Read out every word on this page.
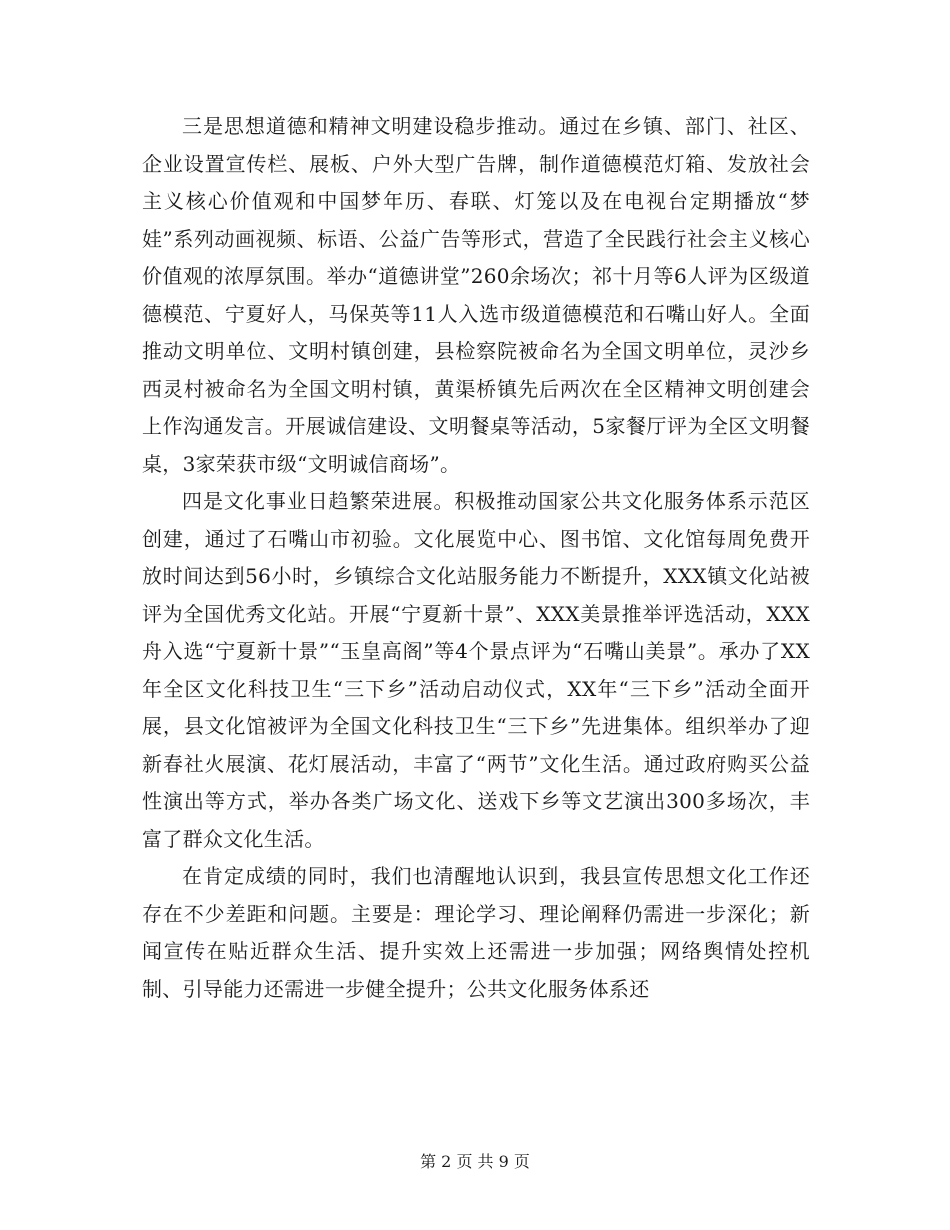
三是思想道德和精神文明建设稳步推动。通过在乡镇、部门、社区、企业设置宣传栏、展板、户外大型广告牌，制作道德模范灯箱、发放社会主义核心价值观和中国梦年历、春联、灯笼以及在电视台定期播放“梦娃”系列动画视频、标语、公益广告等形式，营造了全民践行社会主义核心价值观的浓厚氛围。举办“道德讲堂”260余场次；祁十月等6人评为区级道德模范、宁夏好人，马保英等11人入选市级道德模范和石嘴山好人。全面推动文明单位、文明村镇创建，县检察院被命名为全国文明单位，灵沙乡西灵村被命名为全国文明村镇，黄渠桥镇先后两次在全区精神文明创建会上作沟通发言。开展诚信建设、文明餐桌等活动，5家餐厅评为全区文明餐桌，3家荣获市级“文明诚信商场”。

四是文化事业日趋繁荣进展。积极推动国家公共文化服务体系示范区创建，通过了石嘴山市初验。文化展览中心、图书馆、文化馆每周免费开放时间达到56小时，乡镇综合文化站服务能力不断提升，XXX镇文化站被评为全国优秀文化站。开展“宁夏新十景”、XXX美景推举评选活动，XXX舟入选“宁夏新十景”“玉皇高阁”等4个景点评为“石嘴山美景”。承办了XX年全区文化科技卫生“三下乡”活动启动仪式，XX年“三下乡”活动全面开展，县文化馆被评为全国文化科技卫生“三下乡”先进集体。组织举办了迎新春社火展演、花灯展活动，丰富了“两节”文化生活。通过政府购买公益性演出等方式，举办各类广场文化、送戏下乡等文艺演出300多场次，丰富了群众文化生活。

在肯定成绩的同时，我们也清醒地认识到，我县宣传思想文化工作还存在不少差距和问题。主要是：理论学习、理论阐释仍需进一步深化；新闻宣传在贴近群众生活、提升实效上还需进一步加强；网络舆情处控机制、引导能力还需进一步健全提升；公共文化服务体系还

第 2 页 共 9 页
